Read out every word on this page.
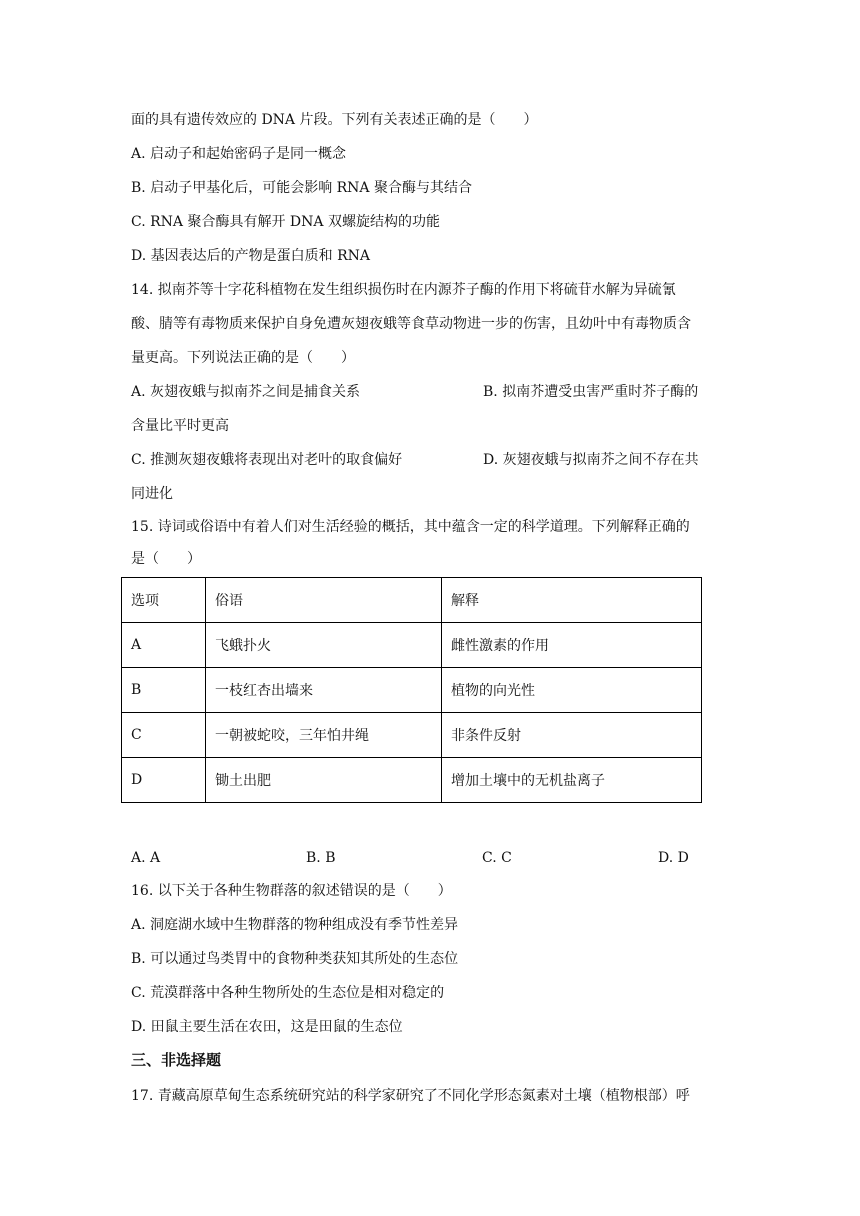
面的具有遗传效应的 DNA 片段。下列有关表述正确的是（　　）
A. 启动子和起始密码子是同一概念
B. 启动子甲基化后，可能会影响 RNA 聚合酶与其结合
C. RNA 聚合酶具有解开 DNA 双螺旋结构的功能
D. 基因表达后的产物是蛋白质和 RNA
14. 拟南芥等十字花科植物在发生组织损伤时在内源芥子酶的作用下将硫苷水解为异硫氰
酸、腈等有毒物质来保护自身免遭灰翅夜蛾等食草动物进一步的伤害，且幼叶中有毒物质含
量更高。下列说法正确的是（　　）
A. 灰翅夜蛾与拟南芥之间是捕食关系	B. 拟南芥遭受虫害严重时芥子酶的
含量比平时更高
C. 推测灰翅夜蛾将表现出对老叶的取食偏好	D. 灰翅夜蛾与拟南芥之间不存在共
同进化
15. 诗词或俗语中有着人们对生活经验的概括，其中蕴含一定的科学道理。下列解释正确的
是（　　）
选项	俗语	解释
A	飞蛾扑火	雌性激素的作用
B	一枝红杏出墙来	植物的向光性
C	一朝被蛇咬，三年怕井绳	非条件反射
D	锄土出肥	增加土壤中的无机盐离子
A. A	B. B	C. C	D. D
16. 以下关于各种生物群落的叙述错误的是（　　）
A. 洞庭湖水域中生物群落的物种组成没有季节性差异
B. 可以通过鸟类胃中的食物种类获知其所处的生态位
C. 荒漠群落中各种生物所处的生态位是相对稳定的
D. 田鼠主要生活在农田，这是田鼠的生态位
三、非选择题
17. 青藏高原草甸生态系统研究站的科学家研究了不同化学形态氮素对土壤（植物根部）呼
